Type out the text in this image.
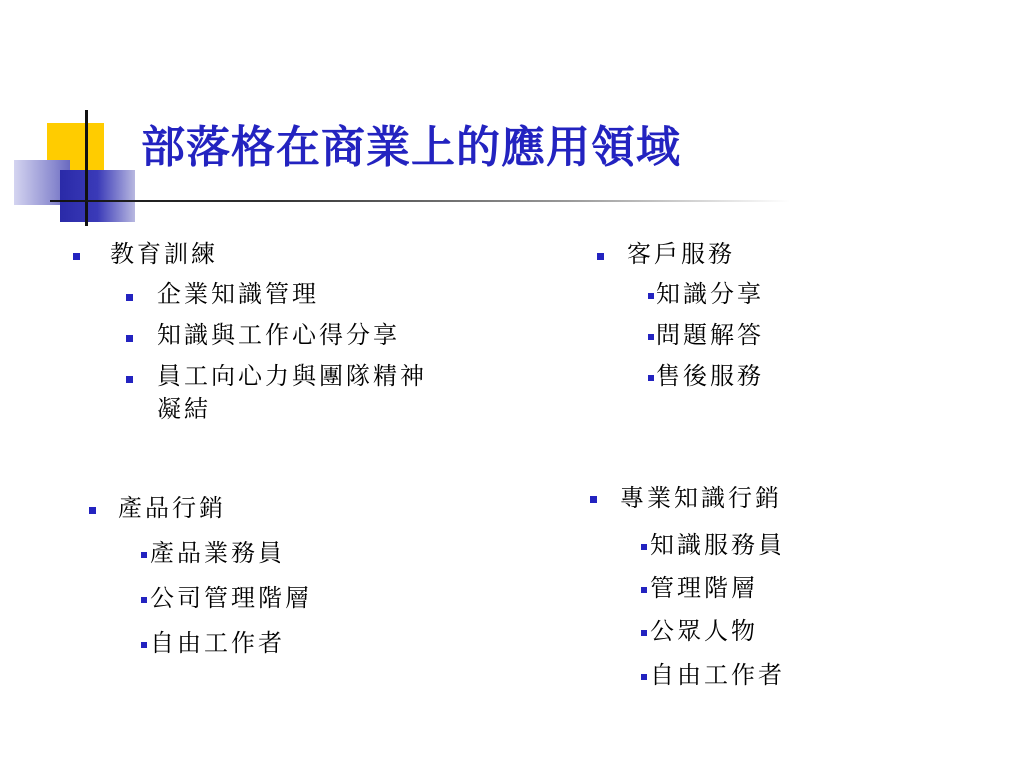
部落格在商業上的應用領域

教育訓練

企業知識管理

知識與工作心得分享

員工向心力與團隊精神

凝結

客戶服務

知識分享

問題解答

售後服務

產品行銷

產品業務員

公司管理階層

自由工作者

專業知識行銷

知識服務員

管理階層

公眾人物

自由工作者
